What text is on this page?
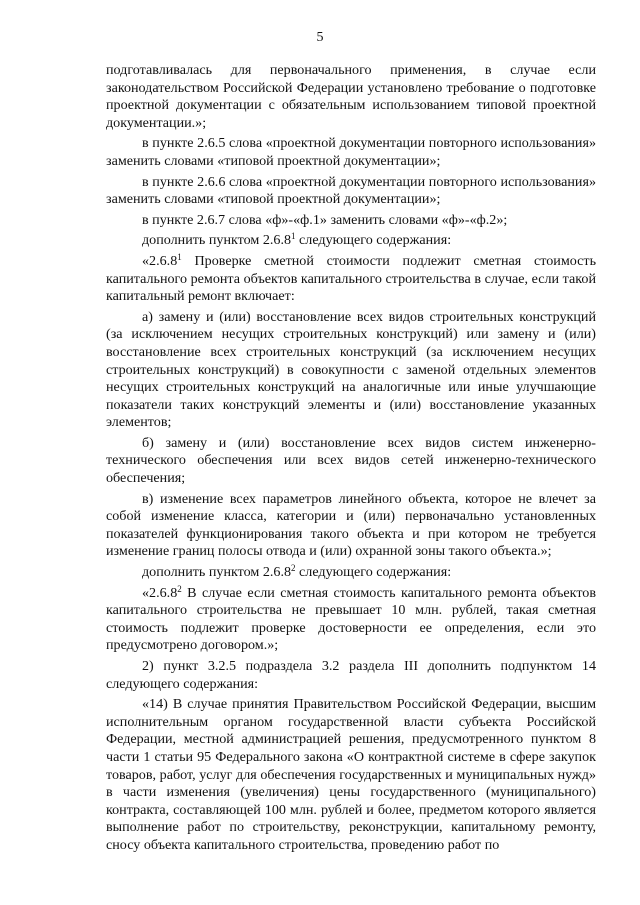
5

подготавливалась для первоначального применения, в случае если законодательством Российской Федерации установлено требование о подготовке проектной документации с обязательным использованием типовой проектной документации.»;

в пункте 2.6.5 слова «проектной документации повторного использования» заменить словами «типовой проектной документации»;

в пункте 2.6.6 слова «проектной документации повторного использования» заменить словами «типовой проектной документации»;

в пункте 2.6.7 слова «ф»-«ф.1» заменить словами «ф»-«ф.2»;

дополнить пунктом 2.6.8$^1$ следующего содержания:

«2.6.8$^1$ Проверке сметной стоимости подлежит сметная стоимость капитального ремонта объектов капитального строительства в случае, если такой капитальный ремонт включает:

а) замену и (или) восстановление всех видов строительных конструкций (за исключением несущих строительных конструкций) или замену и (или) восстановление всех строительных конструкций (за исключением несущих строительных конструкций) в совокупности с заменой отдельных элементов несущих строительных конструкций на аналогичные или иные улучшающие показатели таких конструкций элементы и (или) восстановление указанных элементов;

б) замену и (или) восстановление всех видов систем инженерно-технического обеспечения или всех видов сетей инженерно-технического обеспечения;

в) изменение всех параметров линейного объекта, которое не влечет за собой изменение класса, категории и (или) первоначально установленных показателей функционирования такого объекта и при котором не требуется изменение границ полосы отвода и (или) охранной зоны такого объекта.»;

дополнить пунктом 2.6.8$^2$ следующего содержания:

«2.6.8$^2$ В случае если сметная стоимость капитального ремонта объектов капитального строительства не превышает 10 млн. рублей, такая сметная стоимость подлежит проверке достоверности ее определения, если это предусмотрено договором.»;

2) пункт 3.2.5 подраздела 3.2 раздела III дополнить подпунктом 14 следующего содержания:

«14) В случае принятия Правительством Российской Федерации, высшим исполнительным органом государственной власти субъекта Российской Федерации, местной администрацией решения, предусмотренного пунктом 8 части 1 статьи 95 Федерального закона «О контрактной системе в сфере закупок товаров, работ, услуг для обеспечения государственных и муниципальных нужд» в части изменения (увеличения) цены государственного (муниципального) контракта, составляющей 100 млн. рублей и более, предметом которого является выполнение работ по строительству, реконструкции, капитальному ремонту, сносу объекта капитального строительства, проведению работ по
